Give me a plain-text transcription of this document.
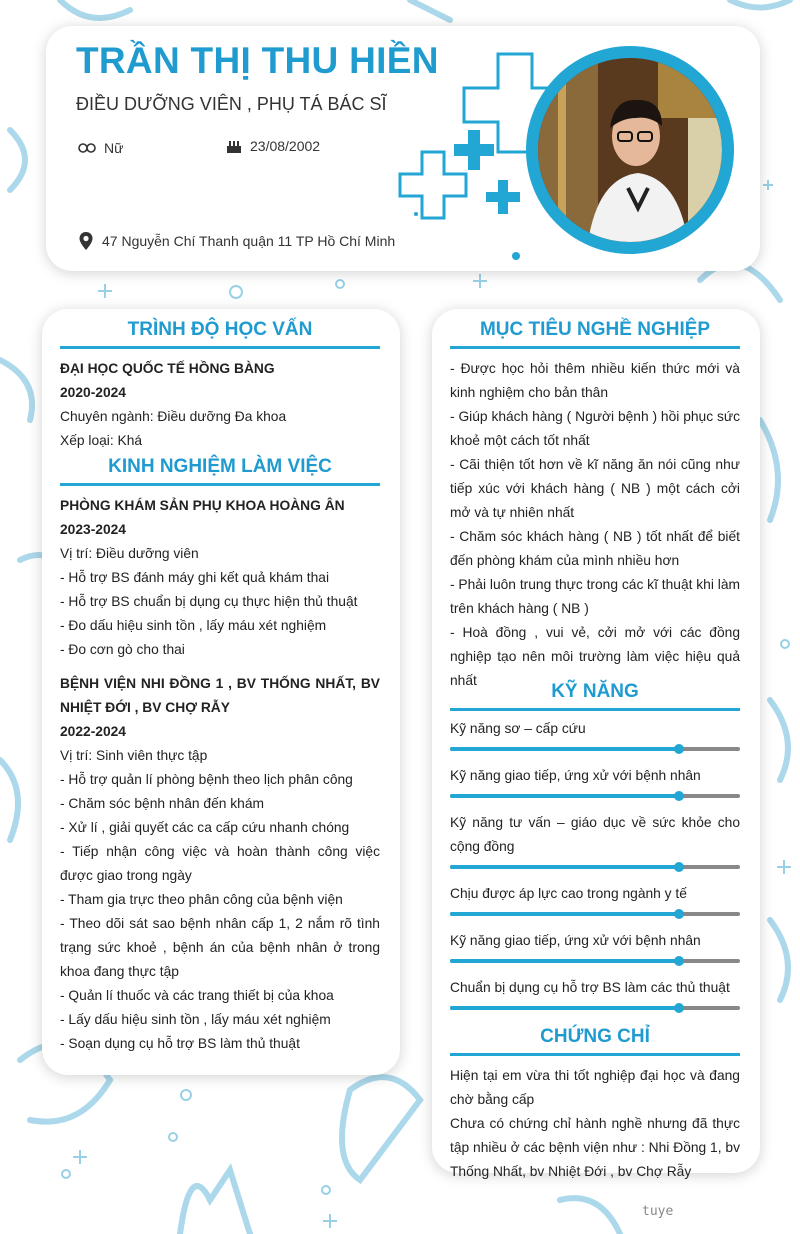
tuye
TRẦN THỊ THU HIỀN
ĐIỀU DƯỠNG VIÊN , PHỤ TÁ BÁC SĨ
Nữ	23/08/2002
47 Nguyễn Chí Thanh quận 11 TP Hồ Chí Minh
TRÌNH ĐỘ HỌC VẤN
ĐẠI HỌC QUỐC TẾ HỒNG BÀNG
2020-2024
Chuyên ngành: Điều dưỡng Đa khoa
Xếp loại: Khá
KINH NGHIỆM LÀM VIỆC
PHÒNG KHÁM SẢN PHỤ KHOA HOÀNG ÂN
2023-2024
Vị trí: Điều dưỡng viên
- Hỗ trợ BS đánh máy ghi kết quả khám thai
- Hỗ trợ BS chuẩn bị dụng cụ thực hiện thủ thuật
- Đo dấu hiệu sinh tồn , lấy máu xét nghiệm
- Đo cơn gò cho thai
BỆNH VIỆN NHI ĐỒNG 1 , BV THỐNG NHẤT, BV NHIỆT ĐỚI , BV CHỢ RẪY
2022-2024
Vị trí: Sinh viên thực tập
- Hỗ trợ quản lí phòng bệnh theo lịch phân công
- Chăm sóc bệnh nhân đến khám
- Xử lí , giải quyết các ca cấp cứu nhanh chóng
- Tiếp nhận công việc và hoàn thành công việc được giao trong ngày
- Tham gia trực theo phân công của bệnh viện
- Theo dõi sát sao bệnh nhân cấp 1, 2 nắm rõ tình trạng sức khoẻ , bệnh án của bệnh nhân ở trong khoa đang thực tập
- Quản lí thuốc và các trang thiết bị của khoa
- Lấy dấu hiệu sinh tồn , lấy máu xét nghiệm
- Soạn dụng cụ hỗ trợ BS làm thủ thuật
MỤC TIÊU NGHỀ NGHIỆP
- Được học hỏi thêm nhiều kiến thức mới và kinh nghiệm cho bản thân
- Giúp khách hàng ( Người bệnh ) hồi phục sức khoẻ một cách tốt nhất
- Cãi thiện tốt hơn về kĩ năng ăn nói cũng như tiếp xúc với khách hàng ( NB ) một cách cởi mở và tự nhiên nhất
- Chăm sóc khách hàng ( NB ) tốt nhất để biết đến phòng khám của mình nhiều hơn
- Phải luôn trung thực trong các kĩ thuật khi làm trên khách hàng ( NB )
- Hoà đồng , vui vẻ, cởi mở với các đồng nghiệp tạo nên môi trường làm việc hiệu quả nhất
KỸ NĂNG
Kỹ năng sơ – cấp cứu
Kỹ năng giao tiếp, ứng xử với bệnh nhân
Kỹ năng tư vấn – giáo dục về sức khỏe cho cộng đồng
Chịu được áp lực cao trong ngành y tế
Kỹ năng giao tiếp, ứng xử với bệnh nhân
Chuẩn bị dụng cụ hỗ trợ BS làm các thủ thuật
CHỨNG CHỈ
Hiện tại em vừa thi tốt nghiệp đại học và đang chờ bằng cấp
Chưa có chứng chỉ hành nghề nhưng đã thực tập nhiều ở các bệnh viện như : Nhi Đồng 1, bv Thống Nhất, bv Nhiệt Đới , bv Chợ Rẫy
